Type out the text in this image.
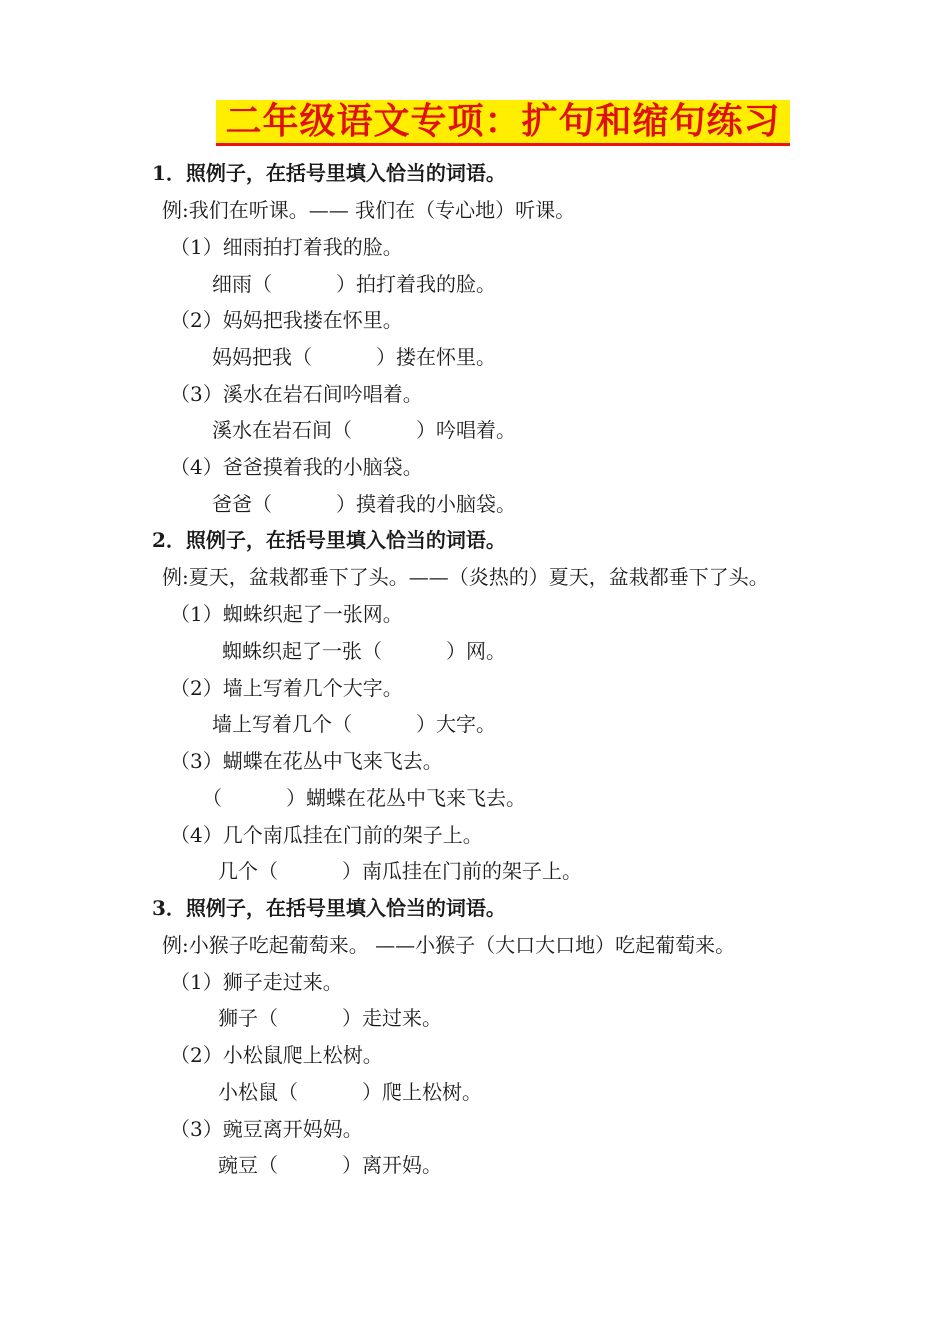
二年级语文专项：扩句和缩句练习
1．照例子，在括号里填入恰当的词语。
例:我们在听课。—— 我们在（专心地）听课。
（1）细雨拍打着我的脸。
细雨（	）拍打着我的脸。
（2）妈妈把我搂在怀里。
妈妈把我（	）搂在怀里。
（3）溪水在岩石间吟唱着。
溪水在岩石间（	）吟唱着。
（4）爸爸摸着我的小脑袋。
爸爸（	）摸着我的小脑袋。
2．照例子，在括号里填入恰当的词语。
例:夏天，盆栽都垂下了头。——（炎热的）夏天，盆栽都垂下了头。
（1）蜘蛛织起了一张网。
蜘蛛织起了一张（	）网。
（2）墙上写着几个大字。
墙上写着几个（	）大字。
（3）蝴蝶在花丛中飞来飞去。
（	）蝴蝶在花丛中飞来飞去。
（4）几个南瓜挂在门前的架子上。
几个（	）南瓜挂在门前的架子上。
3．照例子，在括号里填入恰当的词语。
例:小猴子吃起葡萄来。 ——小猴子（大口大口地）吃起葡萄来。
（1）狮子走过来。
狮子（	）走过来。
（2）小松鼠爬上松树。
小松鼠（	）爬上松树。
（3）豌豆离开妈妈。
豌豆（	）离开妈。
